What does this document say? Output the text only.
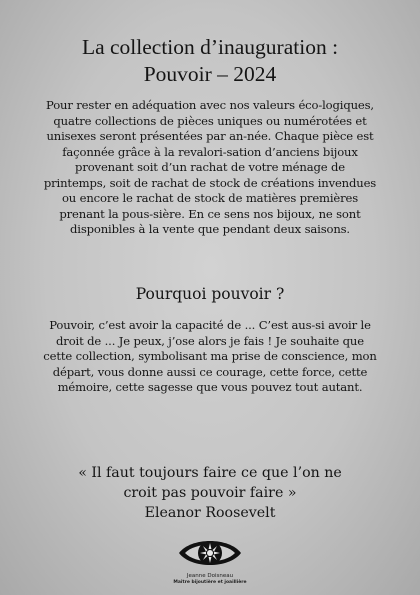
La collection d’inauguration :
Pouvoir – 2024

Pour rester en adéquation avec nos valeurs éco-logiques, quatre collections de pièces uniques ou numérotées et unisexes seront présentées par an-née. Chaque pièce est façonnée grâce à la revalori-sation d’anciens bijoux provenant soit d’un rachat de votre ménage de printemps, soit de rachat de stock de créations invendues ou encore le rachat de stock de matières premières prenant la pous-sière. En ce sens nos bijoux, ne sont disponibles à la vente que pendant deux saisons.

Pourquoi pouvoir ?

Pouvoir, c’est avoir la capacité de ... C’est aus-si avoir le droit de ... Je peux, j’ose alors je fais ! Je souhaite que cette collection, symbolisant ma prise de conscience, mon départ, vous donne aussi ce courage, cette force, cette mémoire, cette sagesse que vous pouvez tout autant.

« Il faut toujours faire ce que l’on ne
croit pas pouvoir faire »
Eleanor Roosevelt
Jeanne Doisneau
Maître bijoutière et joaillière
